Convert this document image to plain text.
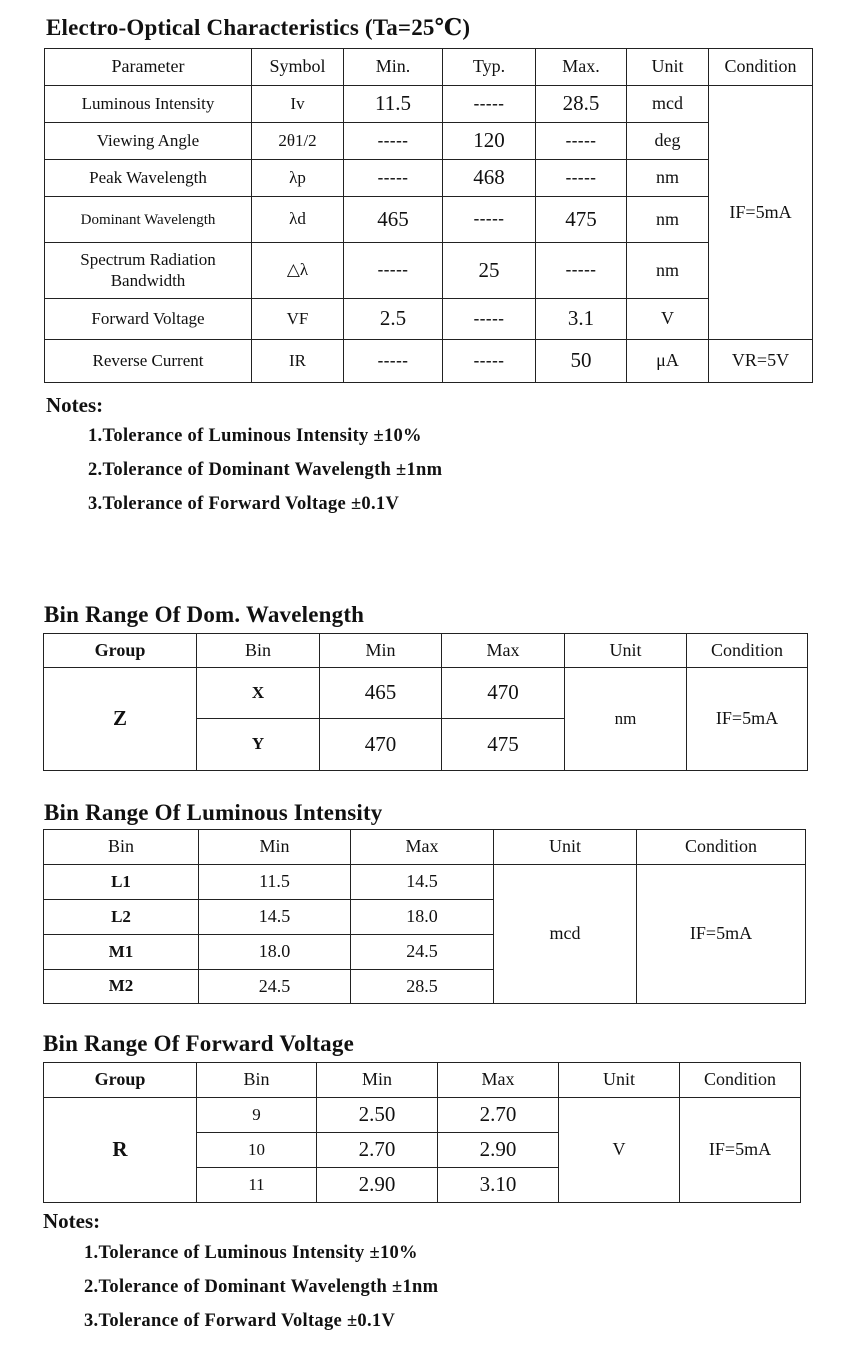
Electro-Optical Characteristics (Ta=25℃)
Parameter	Symbol	Min.	Typ.	Max.	Unit	Condition
Luminous Intensity	Iv	11.5	-----	28.5	mcd	IF=5mA
Viewing Angle	2θ1/2	-----	120	-----	deg	
Peak Wavelength	λp	-----	468	-----	nm	
Dominant Wavelength	λd	465	-----	475	nm	

Spectrum Radiation
Bandwidth	△λ	-----	25	-----	nm	
Forward Voltage	VF	2.5	-----	3.1	V	
Reverse Current	IR	-----	-----	50	μA	VR=5V
Notes:
1.Tolerance of Luminous Intensity ±10%
2.Tolerance of Dominant Wavelength ±1nm
3.Tolerance of Forward Voltage ±0.1V
Bin Range Of Dom. Wavelength
Group	Bin	Min	Max	Unit	Condition
Z	X	465	470	nm	IF=5mA
	Y	470	475		
Bin Range Of Luminous Intensity
Bin	Min	Max	Unit	Condition
L1	11.5	14.5	mcd	IF=5mA
L2	14.5	18.0		
M1	18.0	24.5		
M2	24.5	28.5		
Bin Range Of Forward Voltage
Group	Bin	Min	Max	Unit	Condition
R	9	2.50	2.70	V	IF=5mA
	10	2.70	2.90		
	11	2.90	3.10		
Notes:
1.Tolerance of Luminous Intensity ±10%
2.Tolerance of Dominant Wavelength ±1nm
3.Tolerance of Forward Voltage ±0.1V
